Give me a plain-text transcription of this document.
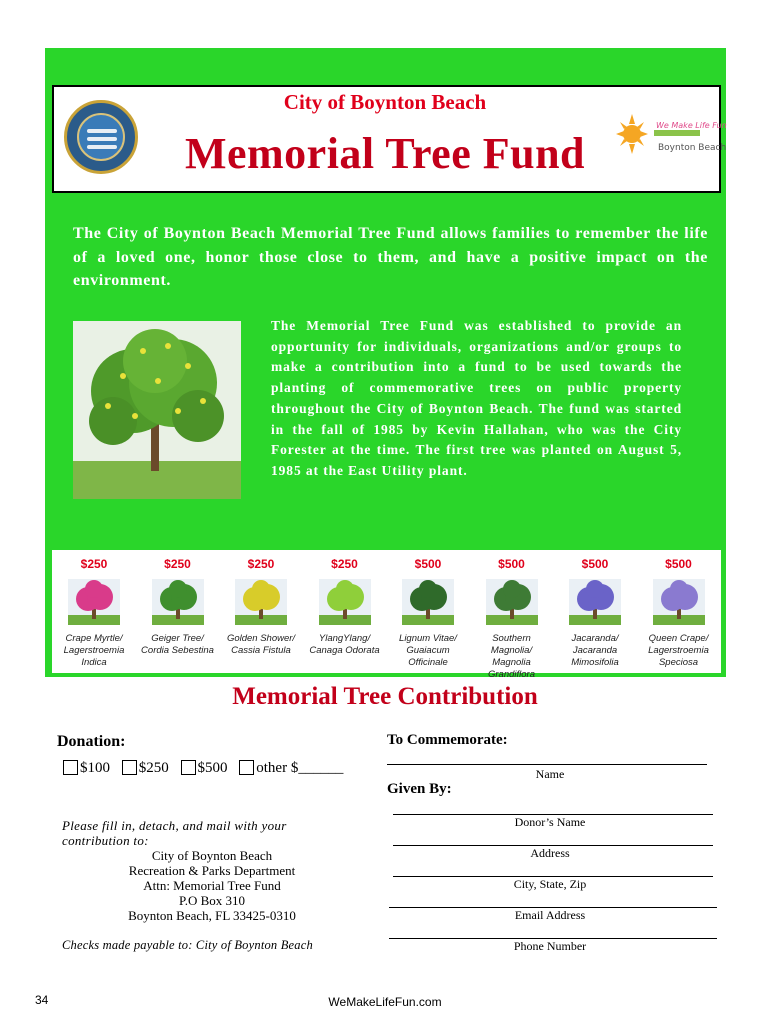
We Make Life Fun
Boynton Beach
City of Boynton Beach
Memorial Tree Fund
The City of Boynton Beach Memorial Tree Fund allows families to remember the life of a loved one, honor those close to them, and have a positive impact on the environment.
The Memorial Tree Fund was established to provide an opportunity for individuals, organizations and/or groups to make a contribution into a fund to be used towards the planting of commemorative trees on public property throughout the City of Boynton Beach. The fund was started in the fall of 1985 by Kevin Hallahan, who was the City Forester at the time. The first tree was planted on August 5, 1985 at the East Utility plant.
$250
Crape Myrtle/ Lagerstroemia Indica
$250
Geiger Tree/ Cordia Sebestina
$250
Golden Shower/ Cassia Fistula
$250
YlangYlang/ Canaga Odorata
$500
Lignum Vitae/ Guaiacum Officinale
$500
Southern Magnolia/ Magnolia Grandiflora
$500
Jacaranda/ Jacaranda Mimosifolia
$500
Queen Crape/ Lagerstroemia Speciosa
Memorial Tree Contribution
Donation:
$100 $250 $500 other $______
Please fill in, detach, and mail with your contribution to:
City of Boynton Beach
Recreation & Parks Department
Attn: Memorial Tree Fund
P.O Box 310
Boynton Beach, FL 33425-0310
Checks made payable to: City of Boynton Beach
To Commemorate:
Name
Given By:
Donor’s Name
Address
City, State, Zip
Email Address
Phone Number
34	WeMakeLifeFun.com
